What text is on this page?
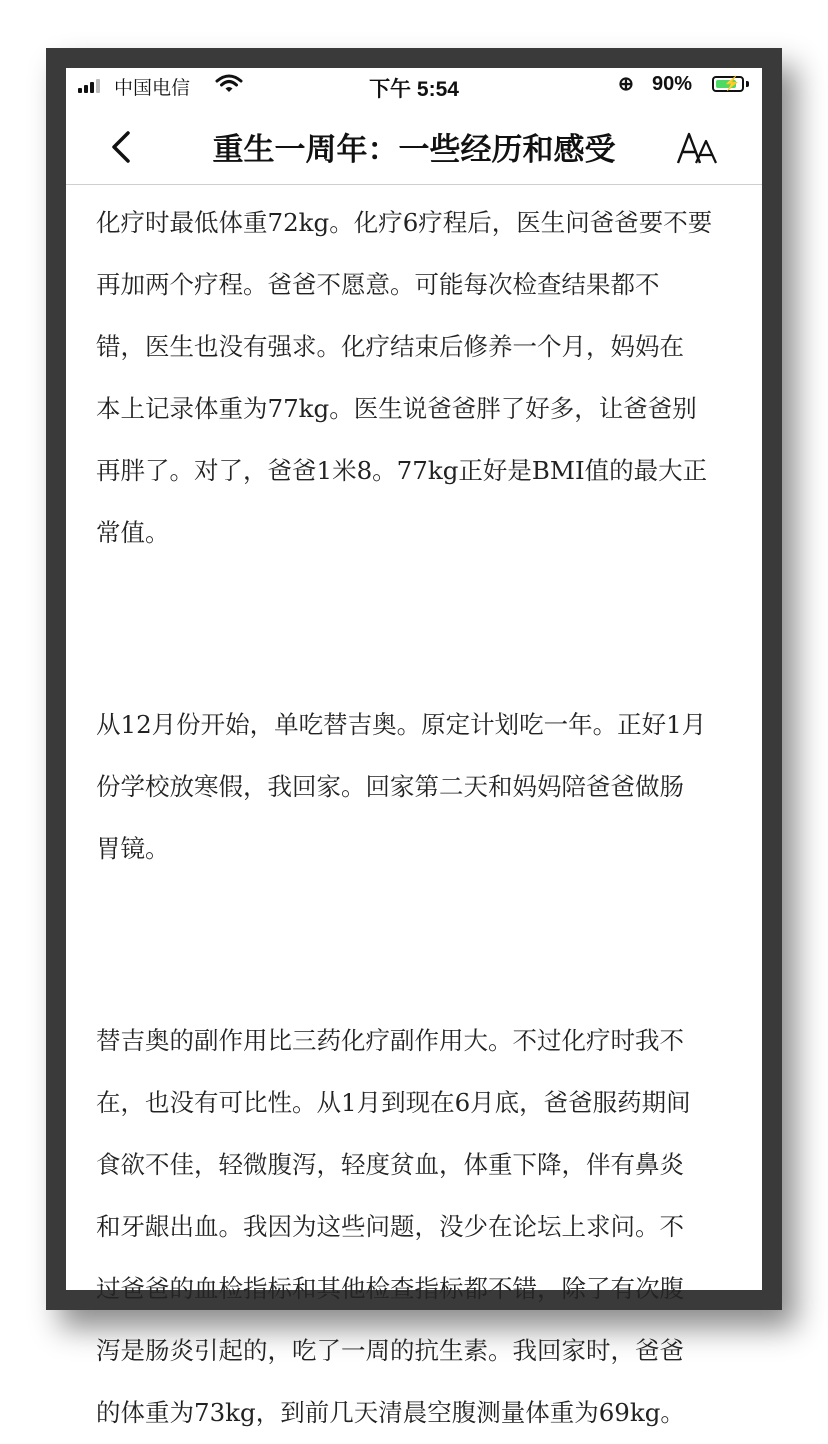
中国电信	下午 5:54	⊕ 90% ⚡
重生一周年：一些经历和感受
化疗时最低体重72kg。化疗6疗程后，医生问爸爸要不要
再加两个疗程。爸爸不愿意。可能每次检查结果都不
错，医生也没有强求。化疗结束后修养一个月，妈妈在
本上记录体重为77kg。医生说爸爸胖了好多，让爸爸别
再胖了。对了，爸爸1米8。77kg正好是BMI值的最大正
常值。
从12月份开始，单吃替吉奥。原定计划吃一年。正好1月
份学校放寒假，我回家。回家第二天和妈妈陪爸爸做肠
胃镜。
替吉奥的副作用比三药化疗副作用大。不过化疗时我不
在，也没有可比性。从1月到现在6月底，爸爸服药期间
食欲不佳，轻微腹泻，轻度贫血，体重下降，伴有鼻炎
和牙龈出血。我因为这些问题，没少在论坛上求问。不
过爸爸的血检指标和其他检查指标都不错，除了有次腹
泻是肠炎引起的，吃了一周的抗生素。我回家时，爸爸
的体重为73kg，到前几天清晨空腹测量体重为69kg。
